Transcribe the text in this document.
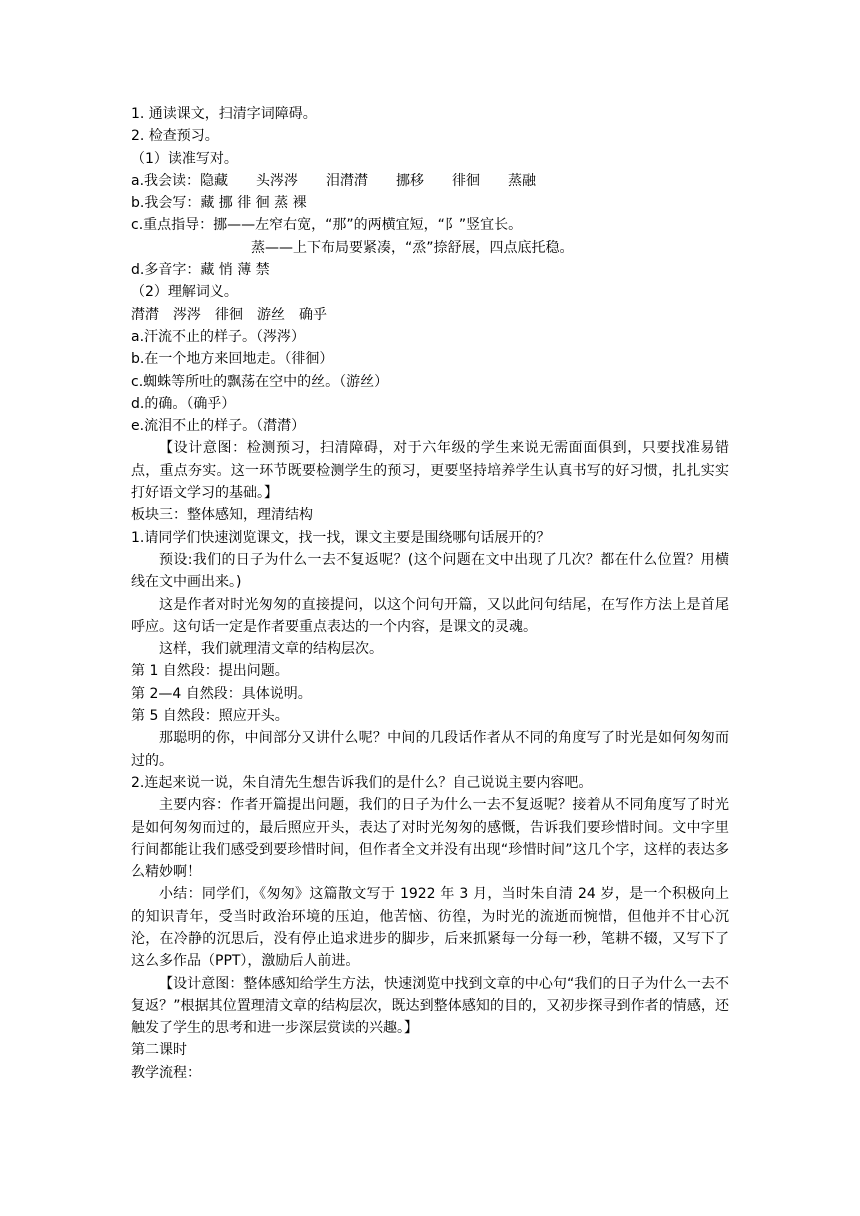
1. 通读课文，扫清字词障碍。
2. 检查预习。
（1）读准写对。
a.我会读：隐藏　　头涔涔　　泪潸潸　　挪移　　徘徊　　蒸融
b.我会写：藏 挪 徘 徊 蒸 裸
c.重点指导：挪——左窄右宽，“那”的两横宜短，“阝”竖宜长。
蒸——上下布局要紧凑，“烝”捺舒展，四点底托稳。
d.多音字：藏 悄 薄 禁
（2）理解词义。
潸潸　涔涔　徘徊　游丝　确乎
a.汗流不止的样子。（涔涔）
b.在一个地方来回地走。（徘徊）
c.蜘蛛等所吐的飘荡在空中的丝。（游丝）
d.的确。（确乎）
e.流泪不止的样子。（潸潸）
【设计意图：检测预习，扫清障碍，对于六年级的学生来说无需面面俱到，只要找准易错点，重点夯实。这一环节既要检测学生的预习，更要坚持培养学生认真书写的好习惯，扎扎实实打好语文学习的基础。】
板块三：整体感知，理清结构
1.请同学们快速浏览课文，找一找，课文主要是围绕哪句话展开的？
预设:我们的日子为什么一去不复返呢？(这个问题在文中出现了几次？都在什么位置？用横线在文中画出来。)
这是作者对时光匆匆的直接提问，以这个问句开篇，又以此问句结尾，在写作方法上是首尾呼应。这句话一定是作者要重点表达的一个内容，是课文的灵魂。
这样，我们就理清文章的结构层次。
第 1 自然段：提出问题。
第 2—4 自然段：具体说明。
第 5 自然段：照应开头。
那聪明的你，中间部分又讲什么呢？中间的几段话作者从不同的角度写了时光是如何匆匆而过的。
2.连起来说一说，朱自清先生想告诉我们的是什么？自己说说主要内容吧。
主要内容：作者开篇提出问题，我们的日子为什么一去不复返呢？接着从不同角度写了时光是如何匆匆而过的，最后照应开头，表达了对时光匆匆的感慨，告诉我们要珍惜时间。文中字里行间都能让我们感受到要珍惜时间，但作者全文并没有出现“珍惜时间”这几个字，这样的表达多么精妙啊！
小结：同学们，《匆匆》这篇散文写于 1922 年 3 月，当时朱自清 24 岁，是一个积极向上的知识青年，受当时政治环境的压迫，他苦恼、彷徨，为时光的流逝而惋惜，但他并不甘心沉沦，在冷静的沉思后，没有停止追求进步的脚步，后来抓紧每一分每一秒，笔耕不辍，又写下了这么多作品（PPT），激励后人前进。
【设计意图：整体感知给学生方法，快速浏览中找到文章的中心句“我们的日子为什么一去不复返？”根据其位置理清文章的结构层次，既达到整体感知的目的，又初步探寻到作者的情感，还触发了学生的思考和进一步深层赏读的兴趣。】
第二课时
教学流程：
